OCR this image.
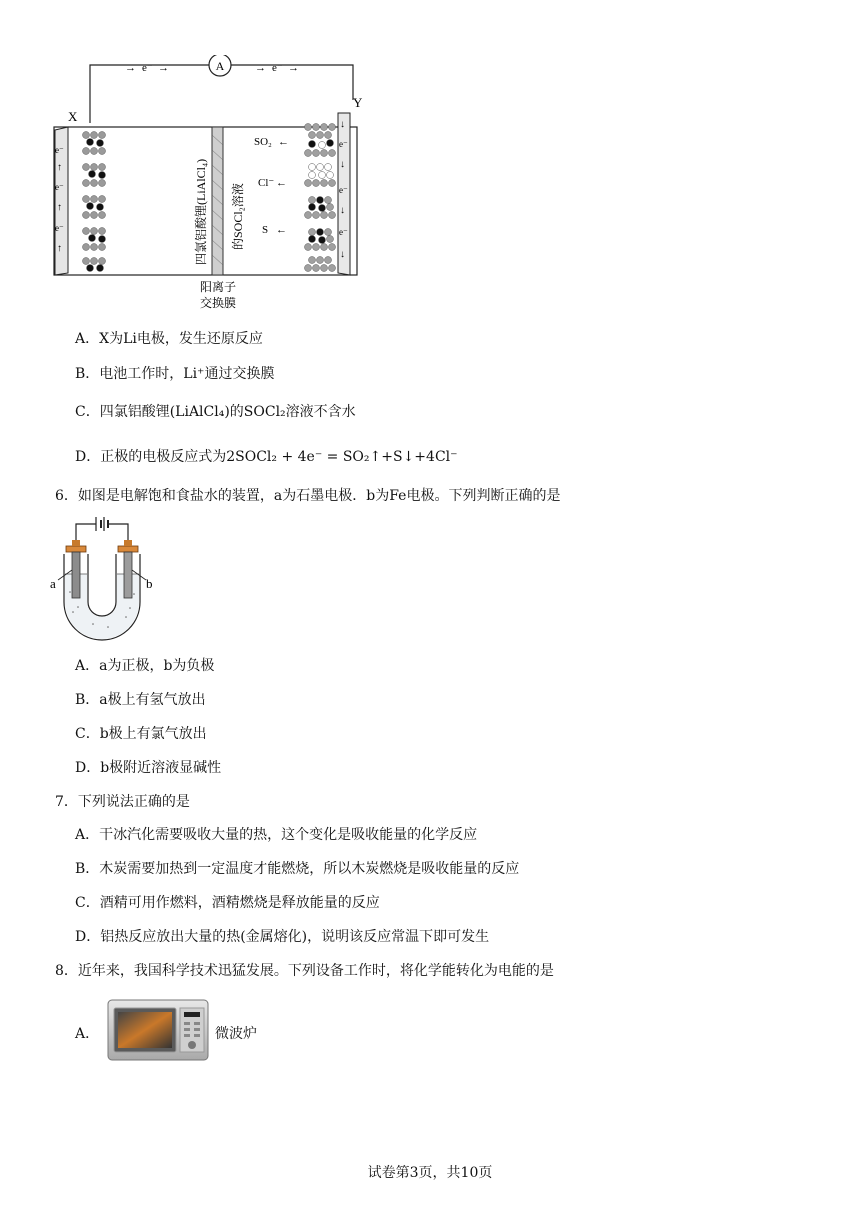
A
→ e⁻ →	→ e⁻ →
X
Y
e⁻
↑
e⁻
↑
e⁻
↑	四氯铝酸锂(LiAlCl₄) 的SOCl₂溶液
SO₂ ←
Cl⁻ ←
S ←
↓
e⁻
↓
e⁻
↓
e⁻
↓
阳离子
交换膜
A．X为Li电极，发生还原反应
B．电池工作时，Li⁺通过交换膜
C．四氯铝酸锂(LiAlCl₄)的SOCl₂溶液不含水
D．正极的电极反应式为2SOCl₂ + 4e⁻ = SO₂↑+S↓+4Cl⁻
6．如图是电解饱和食盐水的装置，a为石墨电极．b为Fe电极。下列判断正确的是
a	b
A．a为正极，b为负极
B．a极上有氢气放出
C．b极上有氯气放出
D．b极附近溶液显碱性
7．下列说法正确的是
A．干冰汽化需要吸收大量的热，这个变化是吸收能量的化学反应
B．木炭需要加热到一定温度才能燃烧，所以木炭燃烧是吸收能量的反应
C．酒精可用作燃料，酒精燃烧是释放能量的反应
D．铝热反应放出大量的热(金属熔化)，说明该反应常温下即可发生
8．近年来，我国科学技术迅猛发展。下列设备工作时，将化学能转化为电能的是
A．	微波炉
试卷第3页，共10页
